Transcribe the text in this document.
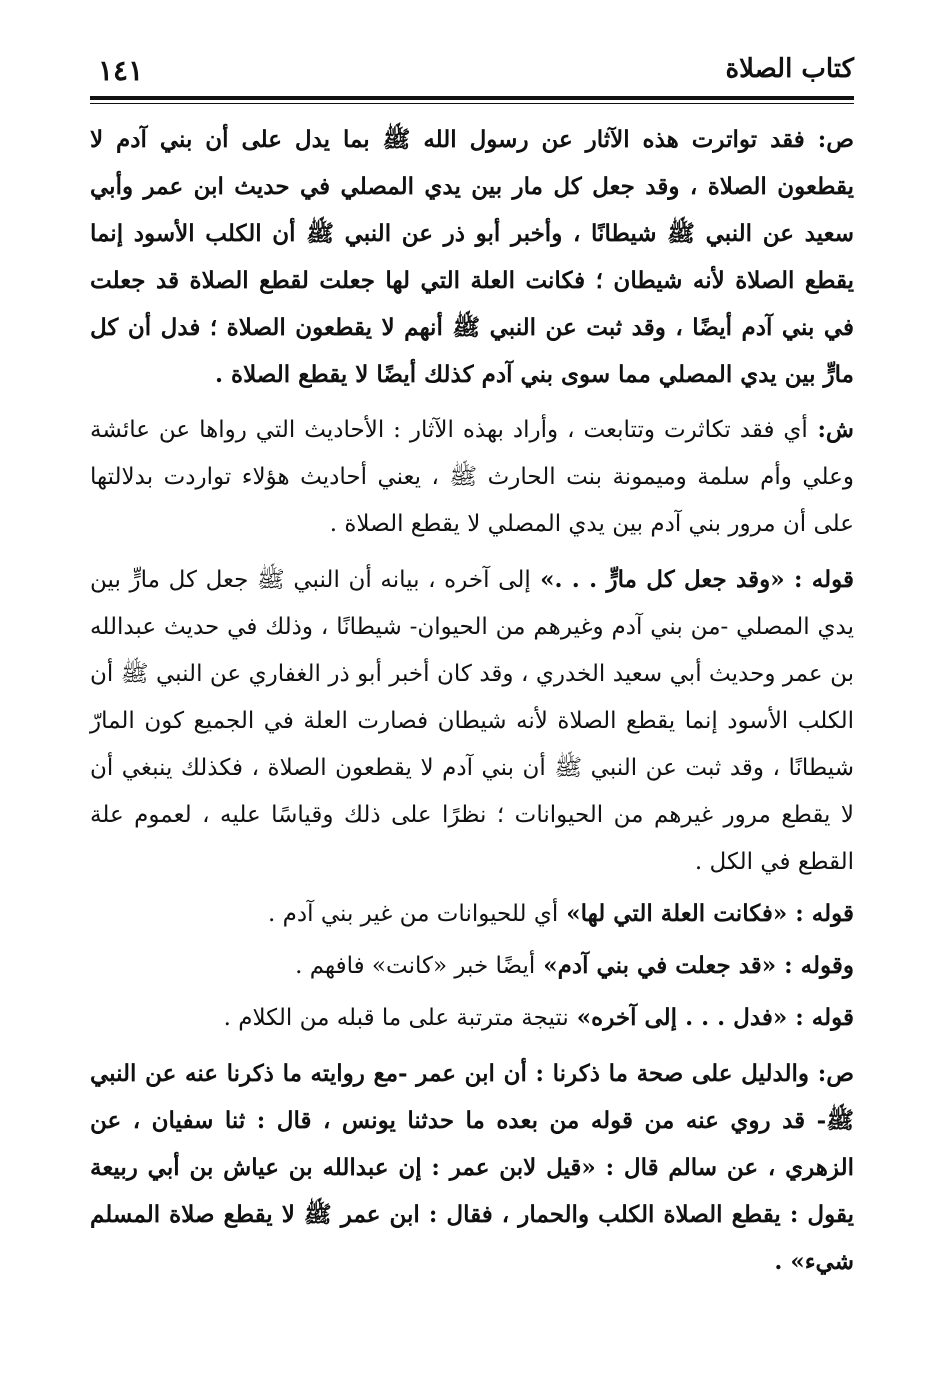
كتاب الصلاة
١٤١

ص: فقد تواترت هذه الآثار عن رسول الله ﷺ بما يدل على أن بني آدم لا يقطعون الصلاة ، وقد جعل كل مار بين يدي المصلي في حديث ابن عمر وأبي سعيد عن النبي ﷺ شيطانًا ، وأخبر أبو ذر عن النبي ﷺ أن الكلب الأسود إنما يقطع الصلاة لأنه شيطان ؛ فكانت العلة التي لها جعلت لقطع الصلاة قد جعلت في بني آدم أيضًا ، وقد ثبت عن النبي ﷺ أنهم لا يقطعون الصلاة ؛ فدل أن كل مارٍّ بين يدي المصلي مما سوى بني آدم كذلك أيضًا لا يقطع الصلاة .

ش: أي فقد تكاثرت وتتابعت ، وأراد بهذه الآثار : الأحاديث التي رواها عن عائشة وعلي وأم سلمة وميمونة بنت الحارث ﷺ ، يعني أحاديث هؤلاء تواردت بدلالتها على أن مرور بني آدم بين يدي المصلي لا يقطع الصلاة .

قوله : «وقد جعل كل مارٍّ . . .» إلى آخره ، بيانه أن النبي ﷺ جعل كل مارٍّ بين يدي المصلي -من بني آدم وغيرهم من الحيوان- شيطانًا ، وذلك في حديث عبدالله بن عمر وحديث أبي سعيد الخدري ، وقد كان أخبر أبو ذر الغفاري عن النبي ﷺ أن الكلب الأسود إنما يقطع الصلاة لأنه شيطان فصارت العلة في الجميع كون المارّ شيطانًا ، وقد ثبت عن النبي ﷺ أن بني آدم لا يقطعون الصلاة ، فكذلك ينبغي أن لا يقطع مرور غيرهم من الحيوانات ؛ نظرًا على ذلك وقياسًا عليه ، لعموم علة القطع في الكل .

قوله : «فكانت العلة التي لها» أي للحيوانات من غير بني آدم .

وقوله : «قد جعلت في بني آدم» أيضًا خبر «كانت» فافهم .

قوله : «فدل . . . إلى آخره» نتيجة مترتبة على ما قبله من الكلام .

ص: والدليل على صحة ما ذكرنا : أن ابن عمر -مع روايته ما ذكرنا عنه عن النبي ﷺ- قد روي عنه من قوله من بعده ما حدثنا يونس ، قال : ثنا سفيان ، عن الزهري ، عن سالم قال : «قيل لابن عمر : إن عبدالله بن عياش بن أبي ربيعة يقول : يقطع الصلاة الكلب والحمار ، فقال : ابن عمر ﷺ لا يقطع صلاة المسلم شيء» .
